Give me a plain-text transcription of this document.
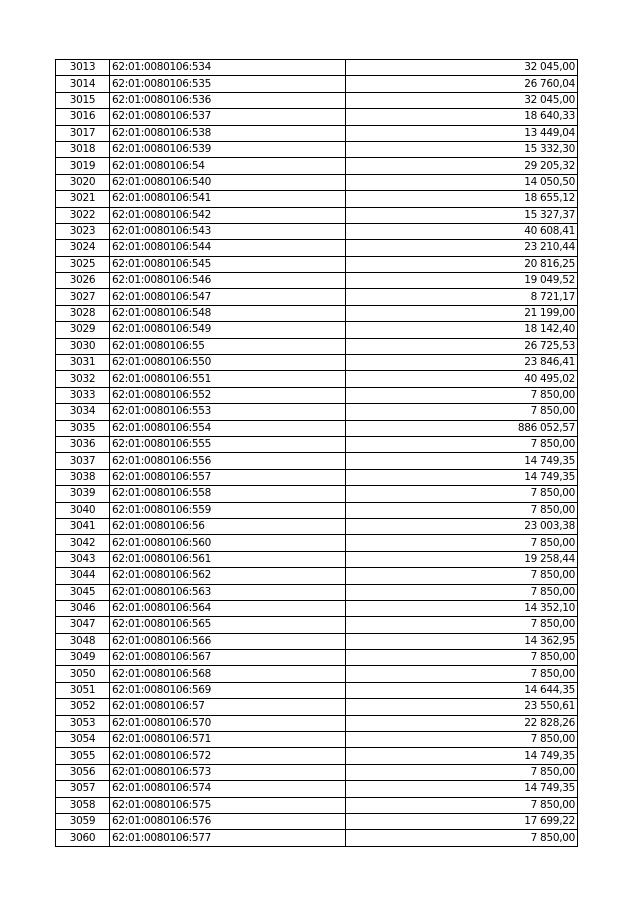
3013	62:01:0080106:534	32 045,00
3014	62:01:0080106:535	26 760,04
3015	62:01:0080106:536	32 045,00
3016	62:01:0080106:537	18 640,33
3017	62:01:0080106:538	13 449,04
3018	62:01:0080106:539	15 332,30
3019	62:01:0080106:54	29 205,32
3020	62:01:0080106:540	14 050,50
3021	62:01:0080106:541	18 655,12
3022	62:01:0080106:542	15 327,37
3023	62:01:0080106:543	40 608,41
3024	62:01:0080106:544	23 210,44
3025	62:01:0080106:545	20 816,25
3026	62:01:0080106:546	19 049,52
3027	62:01:0080106:547	8 721,17
3028	62:01:0080106:548	21 199,00
3029	62:01:0080106:549	18 142,40
3030	62:01:0080106:55	26 725,53
3031	62:01:0080106:550	23 846,41
3032	62:01:0080106:551	40 495,02
3033	62:01:0080106:552	7 850,00
3034	62:01:0080106:553	7 850,00
3035	62:01:0080106:554	886 052,57
3036	62:01:0080106:555	7 850,00
3037	62:01:0080106:556	14 749,35
3038	62:01:0080106:557	14 749,35
3039	62:01:0080106:558	7 850,00
3040	62:01:0080106:559	7 850,00
3041	62:01:0080106:56	23 003,38
3042	62:01:0080106:560	7 850,00
3043	62:01:0080106:561	19 258,44
3044	62:01:0080106:562	7 850,00
3045	62:01:0080106:563	7 850,00
3046	62:01:0080106:564	14 352,10
3047	62:01:0080106:565	7 850,00
3048	62:01:0080106:566	14 362,95
3049	62:01:0080106:567	7 850,00
3050	62:01:0080106:568	7 850,00
3051	62:01:0080106:569	14 644,35
3052	62:01:0080106:57	23 550,61
3053	62:01:0080106:570	22 828,26
3054	62:01:0080106:571	7 850,00
3055	62:01:0080106:572	14 749,35
3056	62:01:0080106:573	7 850,00
3057	62:01:0080106:574	14 749,35
3058	62:01:0080106:575	7 850,00
3059	62:01:0080106:576	17 699,22
3060	62:01:0080106:577	7 850,00
